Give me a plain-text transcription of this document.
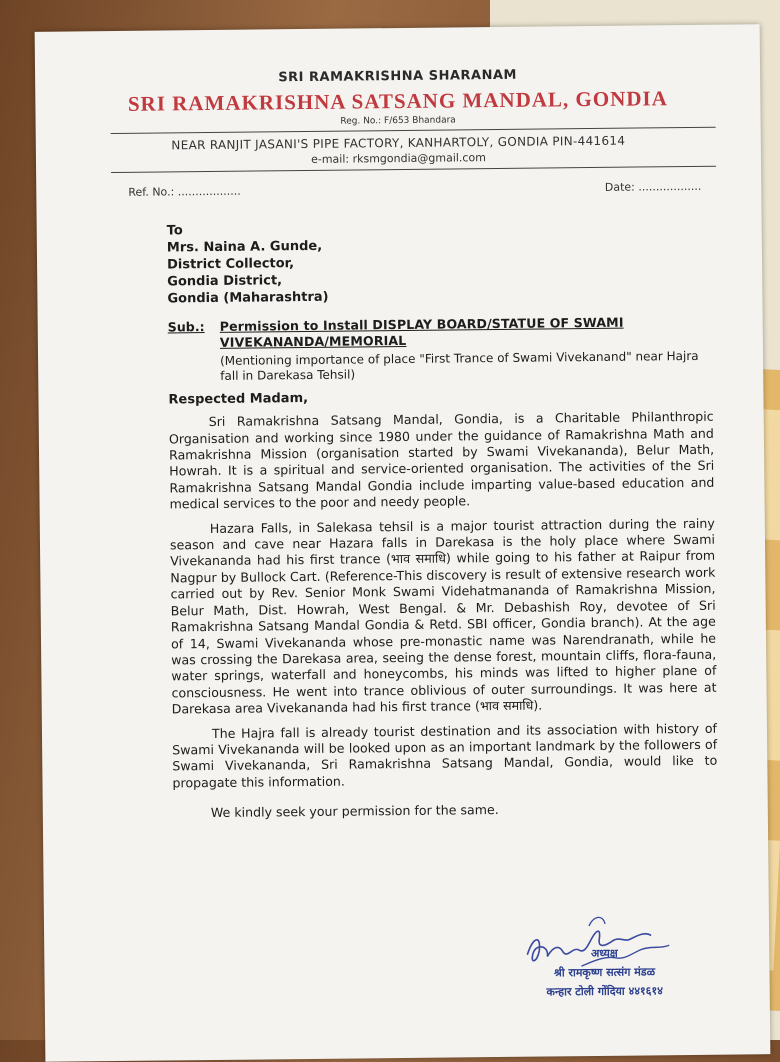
SRI RAMAKRISHNA SHARANAM
SRI RAMAKRISHNA SATSANG MANDAL, GONDIA
Reg. No.: F/653 Bhandara
NEAR RANJIT JASANI'S PIPE FACTORY, KANHARTOLY, GONDIA PIN-441614
e-mail: rksmgondia@gmail.com
Ref. No.: ..................	Date: ..................
To
Mrs. Naina A. Gunde,
District Collector,
Gondia District,
Gondia (Maharashtra)
Sub.:	Permission to Install DISPLAY BOARD/STATUE OF SWAMI VIVEKANANDA/MEMORIAL
(Mentioning importance of place "First Trance of Swami Vivekanand" near Hajra fall in Darekasa Tehsil)
Respected Madam,

Sri Ramakrishna Satsang Mandal, Gondia, is a Charitable Philanthropic Organisation and working since 1980 under the guidance of Ramakrishna Math and Ramakrishna Mission (organisation started by Swami Vivekananda), Belur Math, Howrah. It is a spiritual and service-oriented organisation. The activities of the Sri Ramakrishna Satsang Mandal Gondia include imparting value-based education and medical services to the poor and needy people.

Hazara Falls, in Salekasa tehsil is a major tourist attraction during the rainy season and cave near Hazara falls in Darekasa is the holy place where Swami Vivekananda had his first trance (भाव समाधि) while going to his father at Raipur from Nagpur by Bullock Cart. (Reference-This discovery is result of extensive research work carried out by Rev. Senior Monk Swami Videhatmananda of Ramakrishna Mission, Belur Math, Dist. Howrah, West Bengal. & Mr. Debashish Roy, devotee of Sri Ramakrishna Satsang Mandal Gondia & Retd. SBI officer, Gondia branch). At the age of 14, Swami Vivekananda whose pre-monastic name was Narendranath, while he was crossing the Darekasa area, seeing the dense forest, mountain cliffs, flora-fauna, water springs, waterfall and honeycombs, his minds was lifted to higher plane of consciousness. He went into trance oblivious of outer surroundings. It was here at Darekasa area Vivekananda had his first trance (भाव समाधि).

The Hajra fall is already tourist destination and its association with history of Swami Vivekananda will be looked upon as an important landmark by the followers of Swami Vivekananda, Sri Ramakrishna Satsang Mandal, Gondia, would like to propagate this information.

We kindly seek your permission for the same.

अध्यक्ष
श्री रामकृष्ण सत्संग मंडळ
कन्हार टोली गोंदिया ४४१६१४
